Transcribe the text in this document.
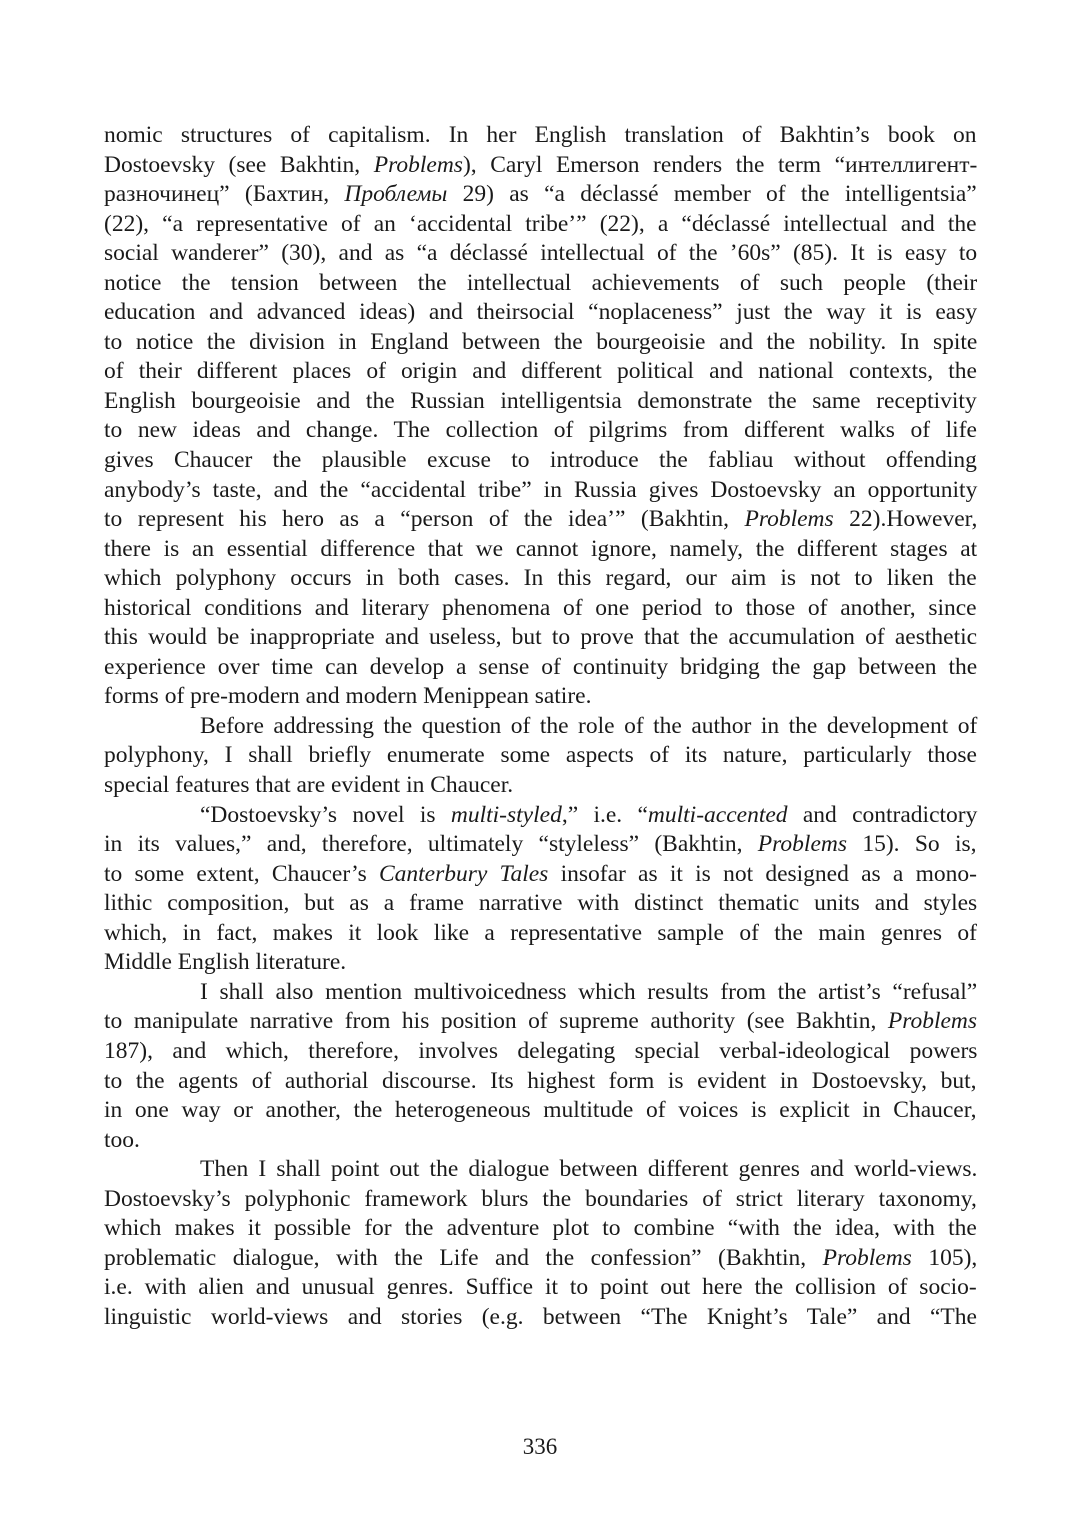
nomic structures of capitalism. In her English translation of Bakhtin’s book on
Dostoevsky (see Bakhtin, Problems), Caryl Emerson renders the term “интеллигент-
разночинец” (Бахтин, Проблемы 29) as “a déclassé member of the intelligentsia”
(22), “a representative of an ‘accidental tribe’” (22), a “déclassé intellectual and the
social wanderer” (30), and as “a déclassé intellectual of the ’60s” (85). It is easy to
notice the tension between the intellectual achievements of such people (their
education and advanced ideas) and theirsocial “noplaceness” just the way it is easy
to notice the division in England between the bourgeoisie and the nobility. In spite
of their different places of origin and different political and national contexts, the
English bourgeoisie and the Russian intelligentsia demonstrate the same receptivity
to new ideas and change. The collection of pilgrims from different walks of life
gives Chaucer the plausible excuse to introduce the fabliau without offending
anybody’s taste, and the “accidental tribe” in Russia gives Dostoevsky an opportunity
to represent his hero as a “person of the idea’” (Bakhtin, Problems 22).However,
there is an essential difference that we cannot ignore, namely, the different stages at
which polyphony occurs in both cases. In this regard, our aim is not to liken the
historical conditions and literary phenomena of one period to those of another, since
this would be inappropriate and useless, but to prove that the accumulation of aesthetic
experience over time can develop a sense of continuity bridging the gap between the
forms of pre-modern and modern Menippean satire.
Before addressing the question of the role of the author in the development of
polyphony, I shall briefly enumerate some aspects of its nature, particularly those
special features that are evident in Chaucer.
“Dostoevsky’s novel is multi-styled,” i.e. “multi-accented and contradictory
in its values,” and, therefore, ultimately “styleless” (Bakhtin, Problems 15). So is,
to some extent, Chaucer’s Canterbury Tales insofar as it is not designed as a mono-
lithic composition, but as a frame narrative with distinct thematic units and styles
which, in fact, makes it look like a representative sample of the main genres of
Middle English literature.
I shall also mention multivoicedness which results from the artist’s “refusal”
to manipulate narrative from his position of supreme authority (see Bakhtin, Problems
187), and which, therefore, involves delegating special verbal-ideological powers
to the agents of authorial discourse. Its highest form is evident in Dostoevsky, but,
in one way or another, the heterogeneous multitude of voices is explicit in Chaucer,
too.
Then I shall point out the dialogue between different genres and world-views.
Dostoevsky’s polyphonic framework blurs the boundaries of strict literary taxonomy,
which makes it possible for the adventure plot to combine “with the idea, with the
problematic dialogue, with the Life and the confession” (Bakhtin, Problems 105),
i.e. with alien and unusual genres. Suffice it to point out here the collision of socio-
linguistic world-views and stories (e.g. between “The Knight’s Tale” and “The
336
